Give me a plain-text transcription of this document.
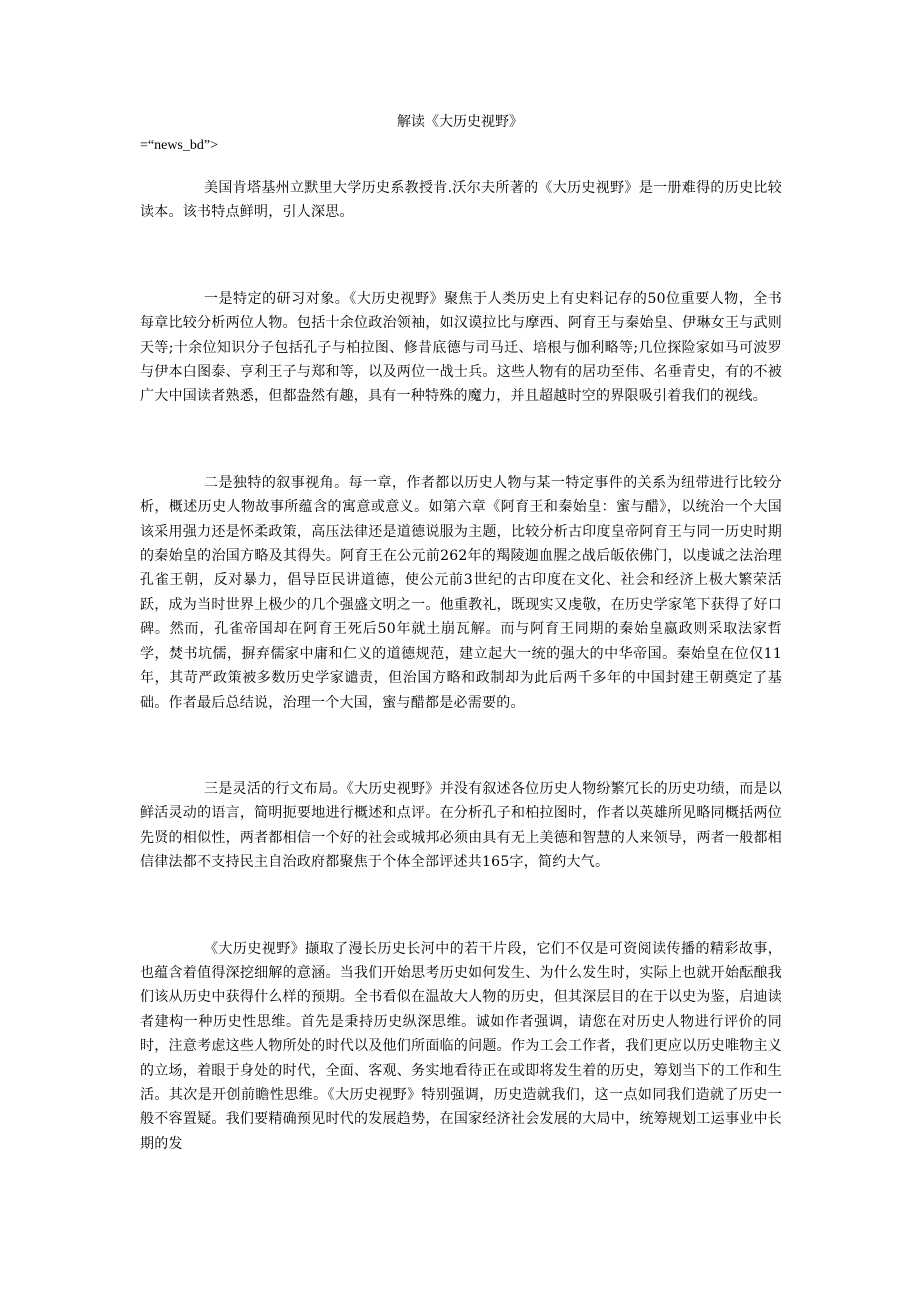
解读《大历史视野》

=“news_bd”>

美国肯塔基州立默里大学历史系教授肯.沃尔夫所著的《大历史视野》是一册难得的历史比较读本。该书特点鲜明，引人深思。

一是特定的研习对象。《大历史视野》聚焦于人类历史上有史料记存的50位重要人物，全书每章比较分析两位人物。包括十余位政治领袖，如汉谟拉比与摩西、阿育王与秦始皇、伊琳女王与武则天等;十余位知识分子包括孔子与柏拉图、修昔底德与司马迁、培根与伽利略等;几位探险家如马可波罗与伊本白图泰、亨利王子与郑和等，以及两位一战士兵。这些人物有的居功至伟、名垂青史，有的不被广大中国读者熟悉，但都盎然有趣，具有一种特殊的魔力，并且超越时空的界限吸引着我们的视线。

二是独特的叙事视角。每一章，作者都以历史人物与某一特定事件的关系为纽带进行比较分析，概述历史人物故事所蕴含的寓意或意义。如第六章《阿育王和秦始皇：蜜与醋》，以统治一个大国该采用强力还是怀柔政策，高压法律还是道德说服为主题，比较分析古印度皇帝阿育王与同一历史时期的秦始皇的治国方略及其得失。阿育王在公元前262年的羯陵迦血腥之战后皈依佛门，以虔诚之法治理孔雀王朝，反对暴力，倡导臣民讲道德，使公元前3世纪的古印度在文化、社会和经济上极大繁荣活跃，成为当时世界上极少的几个强盛文明之一。他重教礼，既现实又虔敬，在历史学家笔下获得了好口碑。然而，孔雀帝国却在阿育王死后50年就土崩瓦解。而与阿育王同期的秦始皇嬴政则采取法家哲学，焚书坑儒，摒弃儒家中庸和仁义的道德规范，建立起大一统的强大的中华帝国。秦始皇在位仅11年，其苛严政策被多数历史学家谴责，但治国方略和政制却为此后两千多年的中国封建王朝奠定了基础。作者最后总结说，治理一个大国，蜜与醋都是必需要的。

三是灵活的行文布局。《大历史视野》并没有叙述各位历史人物纷繁冗长的历史功绩，而是以鲜活灵动的语言，简明扼要地进行概述和点评。在分析孔子和柏拉图时，作者以英雄所见略同概括两位先贤的相似性，两者都相信一个好的社会或城邦必须由具有无上美德和智慧的人来领导，两者一般都相信律法都不支持民主自治政府都聚焦于个体全部评述共165字，简约大气。

《大历史视野》撷取了漫长历史长河中的若干片段，它们不仅是可资阅读传播的精彩故事，也蕴含着值得深挖细解的意涵。当我们开始思考历史如何发生、为什么发生时，实际上也就开始酝酿我们该从历史中获得什么样的预期。全书看似在温故大人物的历史，但其深层目的在于以史为鉴，启迪读者建构一种历史性思维。首先是秉持历史纵深思维。诚如作者强调，请您在对历史人物进行评价的同时，注意考虑这些人物所处的时代以及他们所面临的问题。作为工会工作者，我们更应以历史唯物主义的立场，着眼于身处的时代，全面、客观、务实地看待正在或即将发生着的历史，筹划当下的工作和生活。其次是开创前瞻性思维。《大历史视野》特别强调，历史造就我们，这一点如同我们造就了历史一般不容置疑。我们要精确预见时代的发展趋势，在国家经济社会发展的大局中，统筹规划工运事业中长期的发
